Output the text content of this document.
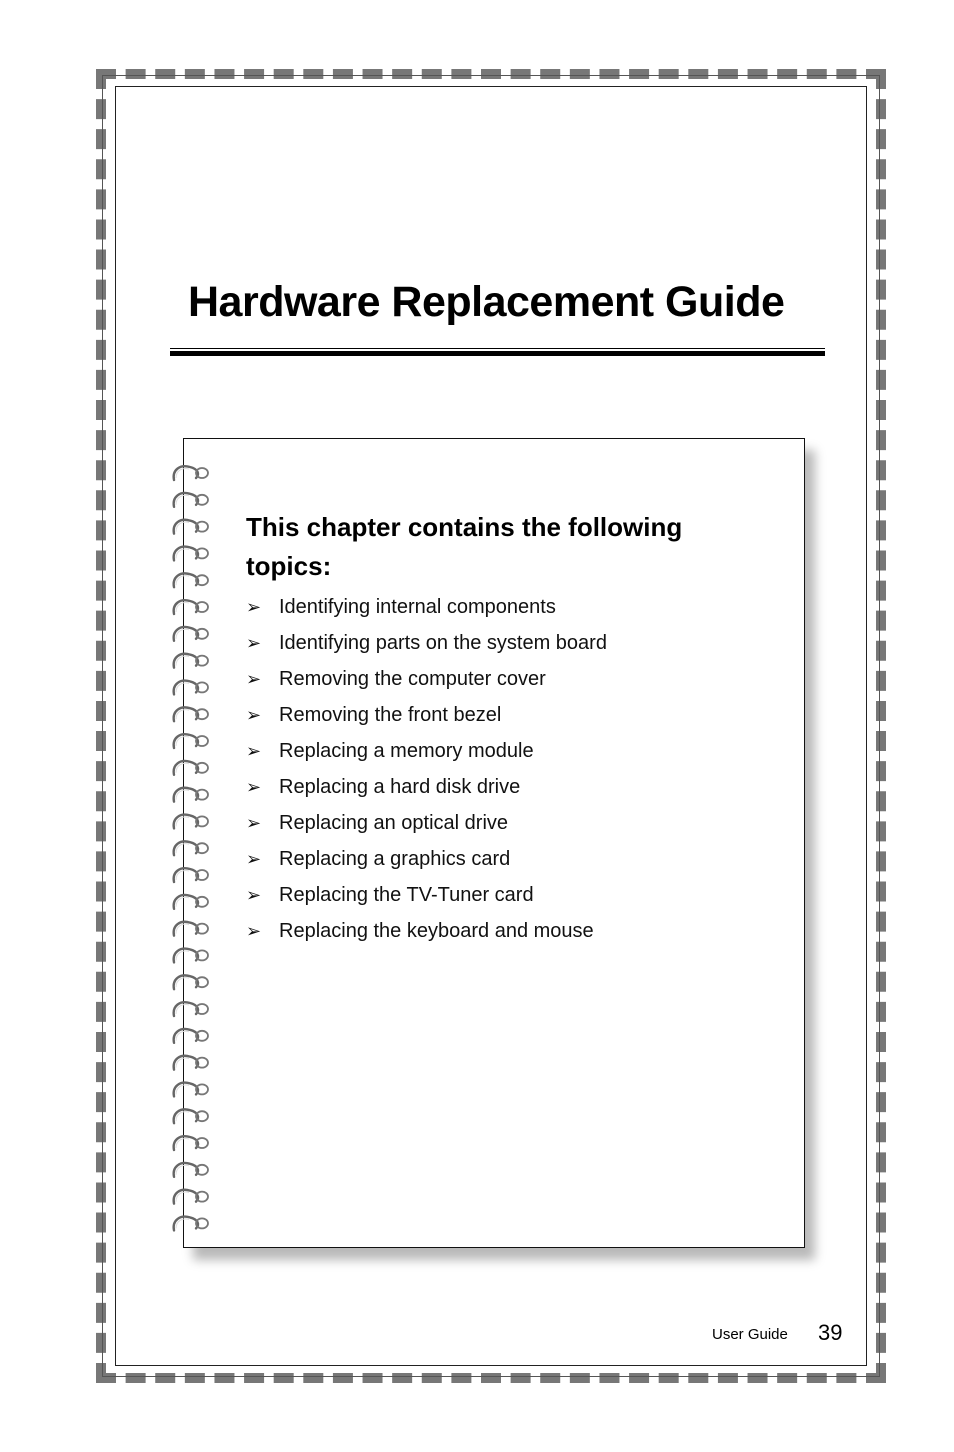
Hardware Replacement Guide
This chapter contains the following topics:
➢ Identifying internal components
➢ Identifying parts on the system board
➢ Removing the computer cover
➢ Removing the front bezel
➢ Replacing a memory module
➢ Replacing a hard disk drive
➢ Replacing an optical drive
➢ Replacing a graphics card
➢ Replacing the TV-Tuner card
➢ Replacing the keyboard and mouse
User Guide 39
